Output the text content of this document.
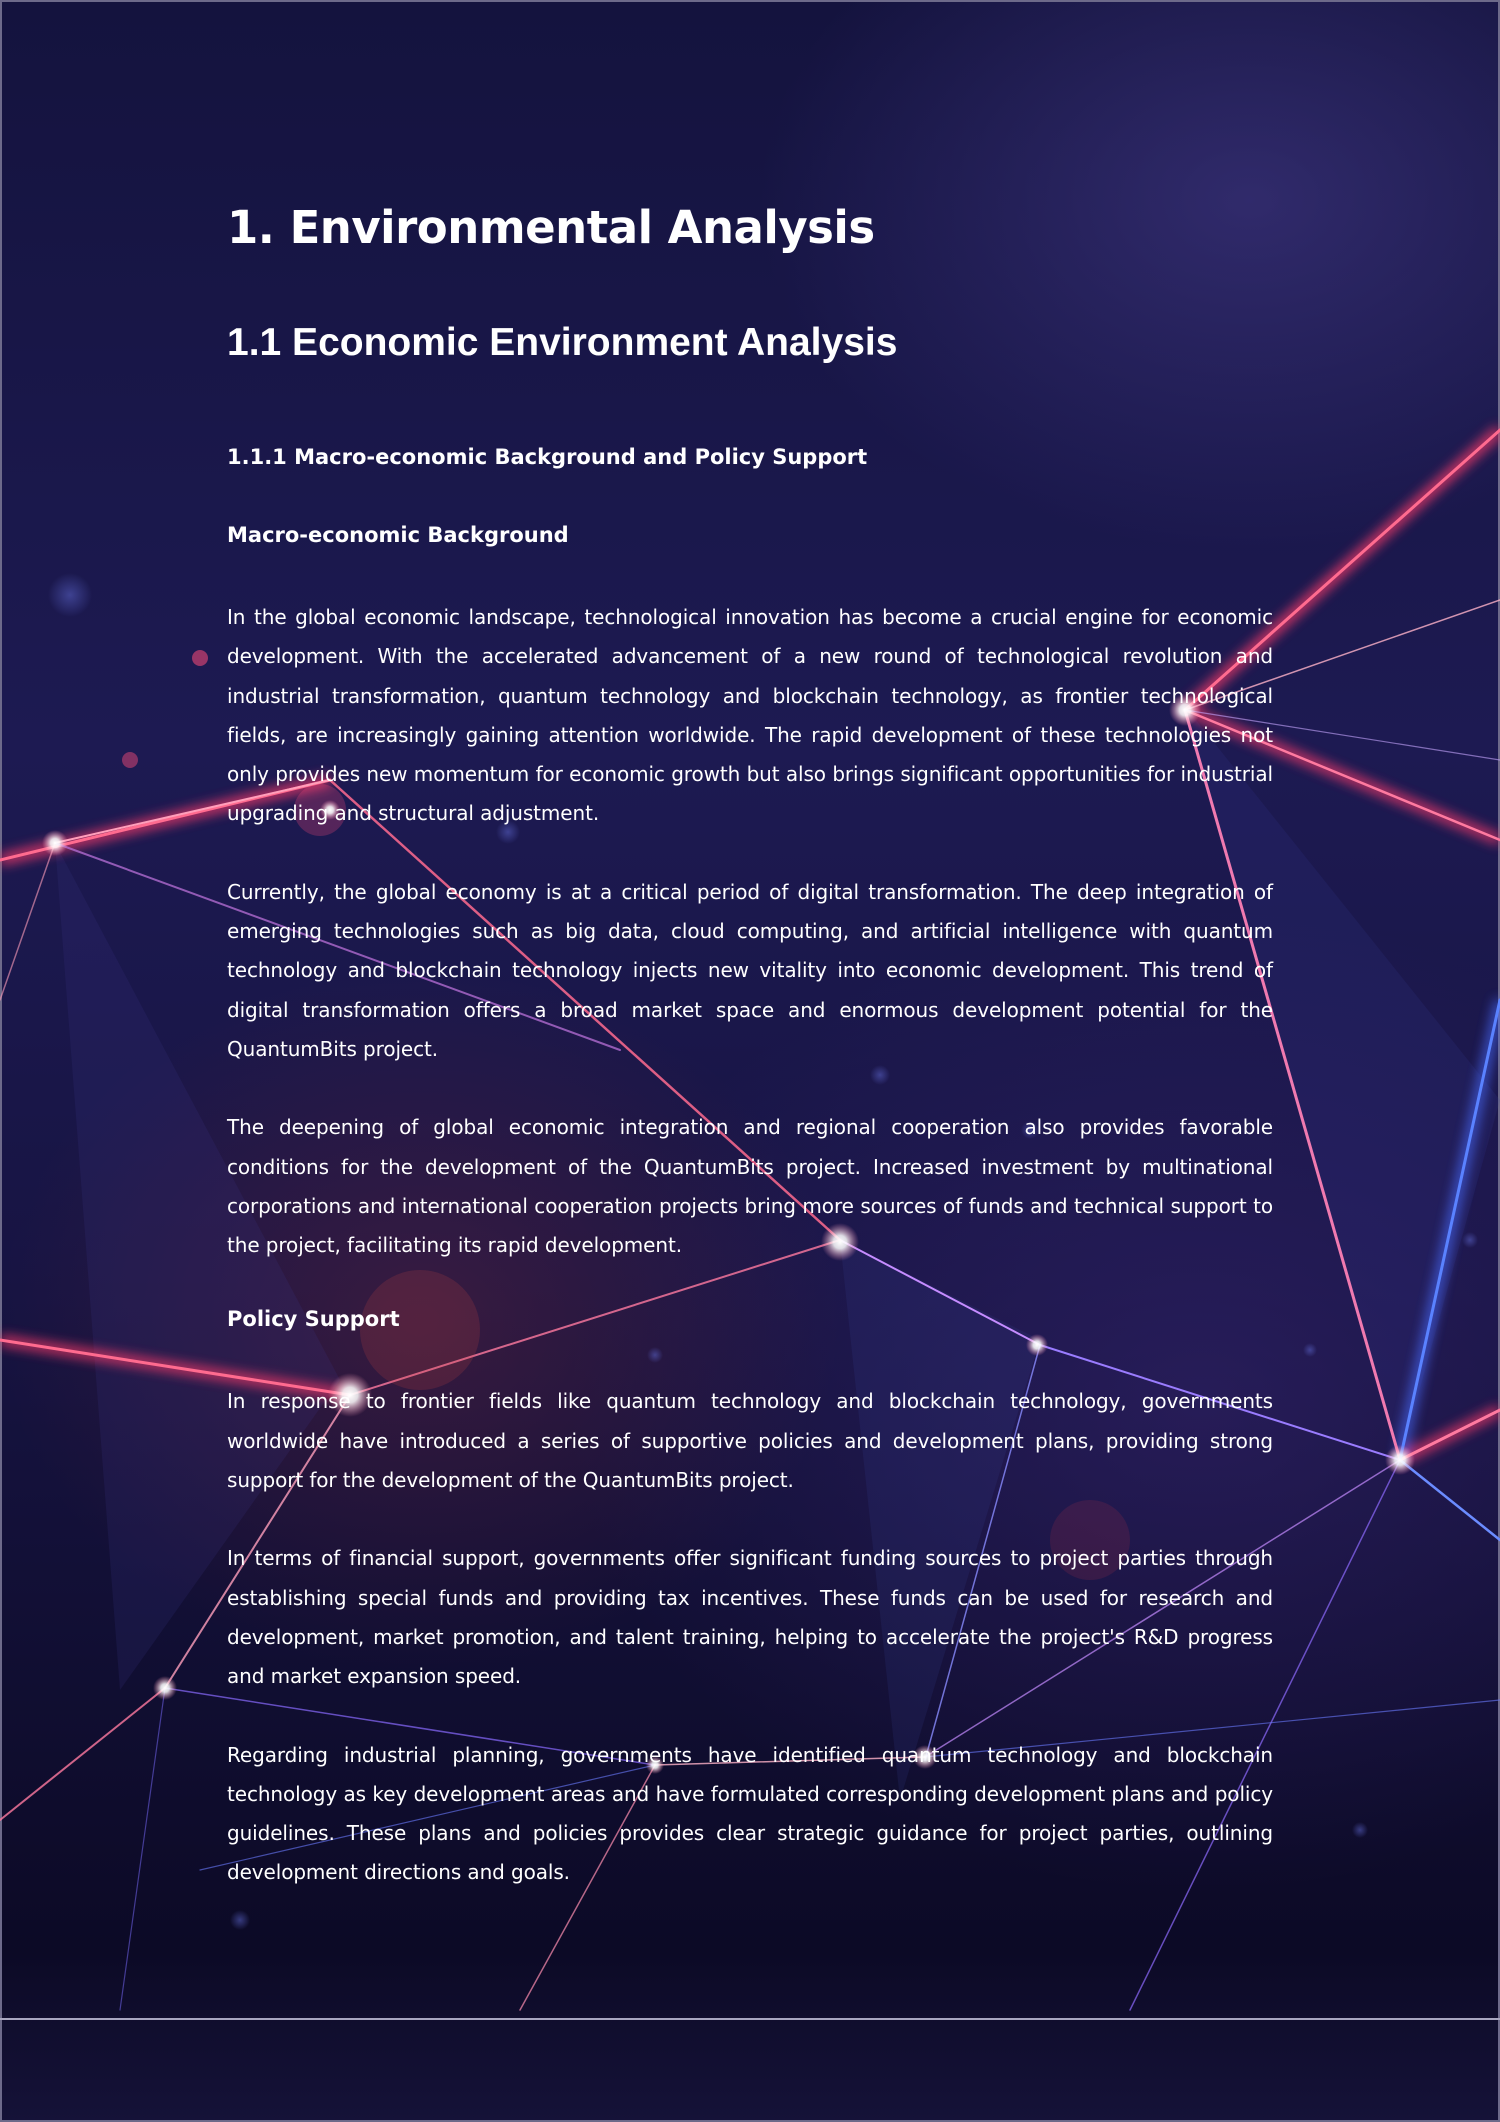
1. Environmental Analysis
1.1 Economic Environment Analysis
1.1.1 Macro-economic Background and Policy Support
Macro-economic Background

In the global economic landscape, technological innovation has become a crucial engine for economic development. With the accelerated advancement of a new round of technological revolution and industrial transformation, quantum technology and blockchain technology, as frontier technological fields, are increasingly gaining attention worldwide. The rapid development of these technologies not only provides new momentum for economic growth but also brings significant opportunities for industrial upgrading and structural adjustment.

Currently, the global economy is at a critical period of digital transformation. The deep integration of emerging technologies such as big data, cloud computing, and artificial intelligence with quantum technology and blockchain technology injects new vitality into economic development. This trend of digital transformation offers a broad market space and enormous development potential for the QuantumBits project.

The deepening of global economic integration and regional cooperation also provides favorable conditions for the development of the QuantumBits project. Increased investment by multinational corporations and international cooperation projects bring more sources of funds and technical support to the project, facilitating its rapid development.

Policy Support

In response to frontier fields like quantum technology and blockchain technology, governments worldwide have introduced a series of supportive policies and development plans, providing strong support for the development of the QuantumBits project.

In terms of financial support, governments offer significant funding sources to project parties through establishing special funds and providing tax incentives. These funds can be used for research and development, market promotion, and talent training, helping to accelerate the project's R&D progress and market expansion speed.

Regarding industrial planning, governments have identified quantum technology and blockchain technology as key development areas and have formulated corresponding development plans and policy guidelines. These plans and policies provides clear strategic guidance for project parties, outlining development directions and goals.
